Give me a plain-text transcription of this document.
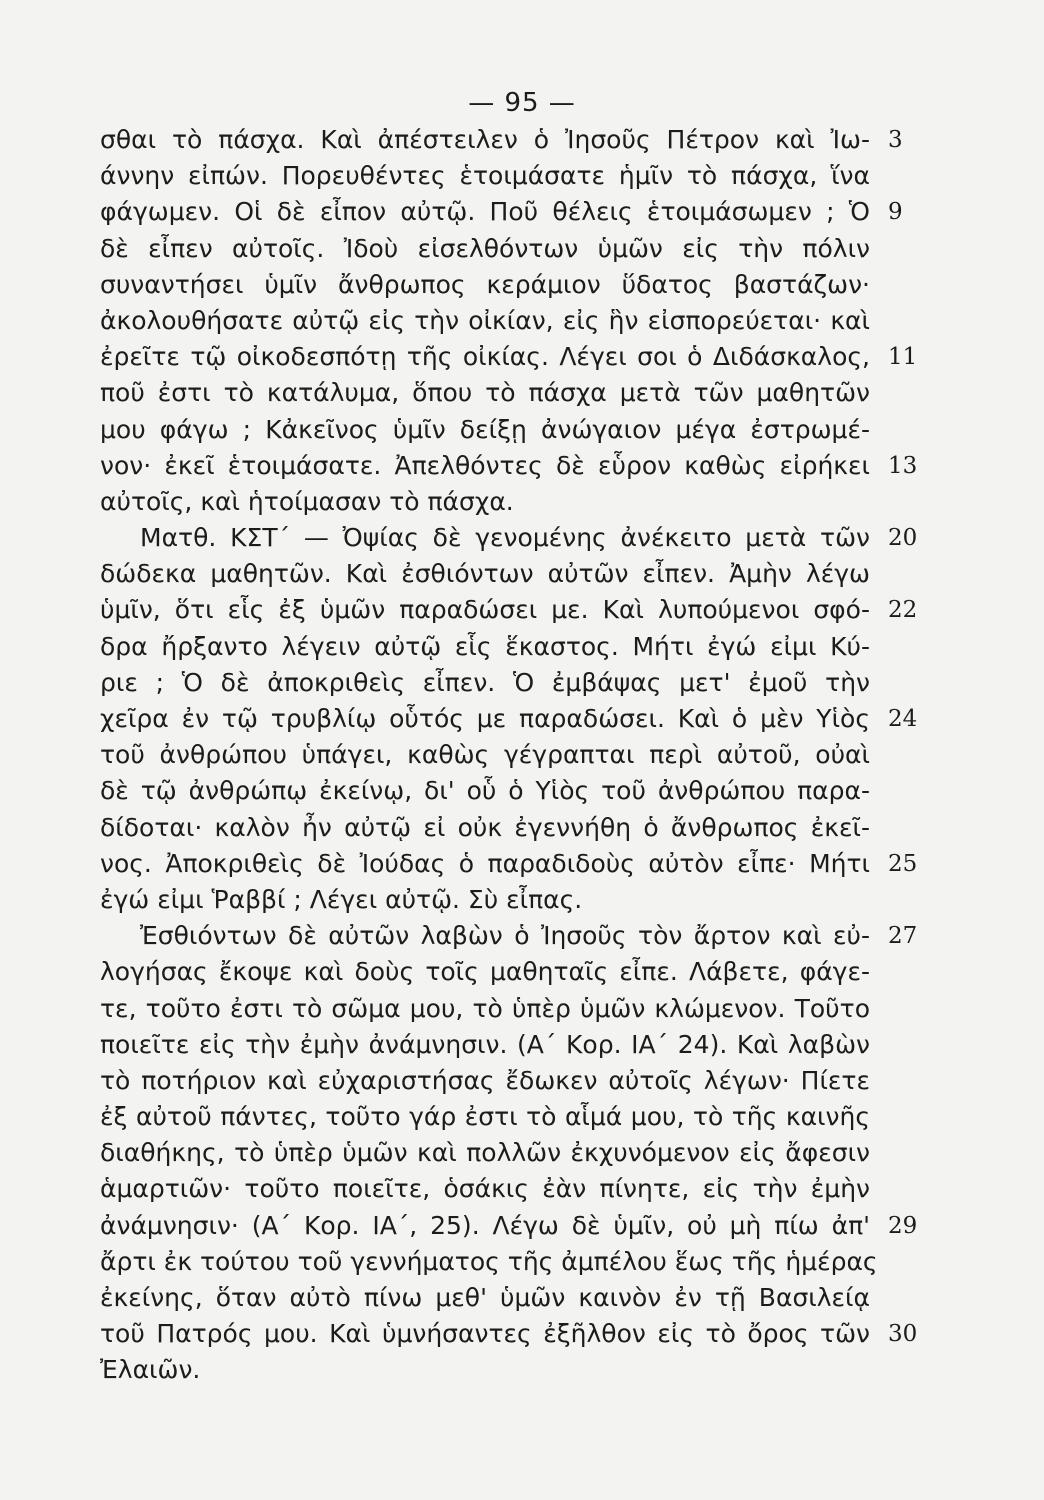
— 95 —
σθαι τὸ πάσχα. Καὶ ἀπέστειλεν ὁ Ἰησοῦς Πέτρον καὶ Ἰω- 3
άννην εἰπών. Πορευθέντες ἑτοιμάσατε ἡμῖν τὸ πάσχα, ἵνα
φάγωμεν. Οἱ δὲ εἶπον αὐτῷ. Ποῦ θέλεις ἑτοιμάσωμεν ; Ὁ 9
δὲ εἶπεν αὐτοῖς. Ἰδοὺ εἰσελθόντων ὑμῶν εἰς τὴν πόλιν
συναντήσει ὑμῖν ἄνθρωπος κεράμιον ὕδατος βαστάζων·
ἀκολουθήσατε αὐτῷ εἰς τὴν οἰκίαν, εἰς ἣν εἰσπορεύεται· καὶ
ἐρεῖτε τῷ οἰκοδεσπότῃ τῆς οἰκίας. Λέγει σοι ὁ Διδάσκαλος, 11
ποῦ ἐστι τὸ κατάλυμα, ὅπου τὸ πάσχα μετὰ τῶν μαθητῶν
μου φάγω ; Κἀκεῖνος ὑμῖν δείξῃ ἀνώγαιον μέγα ἐστρωμέ-
νον· ἐκεῖ ἑτοιμάσατε. Ἀπελθόντες δὲ εὗρον καθὼς εἰρήκει 13
αὐτοῖς, καὶ ἡτοίμασαν τὸ πάσχα.
Ματθ. ΚΣΤ΄ — Ὀψίας δὲ γενομένης ἀνέκειτο μετὰ τῶν 20
δώδεκα μαθητῶν. Καὶ ἐσθιόντων αὐτῶν εἶπεν. Ἀμὴν λέγω
ὑμῖν, ὅτι εἷς ἐξ ὑμῶν παραδώσει με. Καὶ λυπούμενοι σφό- 22
δρα ἤρξαντο λέγειν αὐτῷ εἷς ἕκαστος. Μήτι ἐγώ εἰμι Κύ-
ριε ; Ὁ δὲ ἀποκριθεὶς εἶπεν. Ὁ ἐμβάψας μετ' ἐμοῦ τὴν
χεῖρα ἐν τῷ τρυβλίῳ οὗτός με παραδώσει. Καὶ ὁ μὲν Υἱὸς 24
τοῦ ἀνθρώπου ὑπάγει, καθὼς γέγραπται περὶ αὐτοῦ, οὐαὶ
δὲ τῷ ἀνθρώπῳ ἐκείνῳ, δι' οὗ ὁ Υἱὸς τοῦ ἀνθρώπου παρα-
δίδοται· καλὸν ἦν αὐτῷ εἰ οὐκ ἐγεννήθη ὁ ἄνθρωπος ἐκεῖ-
νος. Ἀποκριθεὶς δὲ Ἰούδας ὁ παραδιδοὺς αὐτὸν εἶπε· Μήτι 25
ἐγώ εἰμι Ῥαββί ; Λέγει αὐτῷ. Σὺ εἶπας.
Ἐσθιόντων δὲ αὐτῶν λαβὼν ὁ Ἰησοῦς τὸν ἄρτον καὶ εὐ- 27
λογήσας ἔκοψε καὶ δοὺς τοῖς μαθηταῖς εἶπε. Λάβετε, φάγε-
τε, τοῦτο ἐστι τὸ σῶμα μου, τὸ ὑπὲρ ὑμῶν κλώμενον. Τοῦτο
ποιεῖτε εἰς τὴν ἐμὴν ἀνάμνησιν. (Α΄ Κορ. ΙΑ΄ 24). Καὶ λαβὼν
τὸ ποτήριον καὶ εὐχαριστήσας ἔδωκεν αὐτοῖς λέγων· Πίετε
ἐξ αὐτοῦ πάντες, τοῦτο γάρ ἐστι τὸ αἷμά μου, τὸ τῆς καινῆς
διαθήκης, τὸ ὑπὲρ ὑμῶν καὶ πολλῶν ἐκχυνόμενον εἰς ἄφεσιν
ἁμαρτιῶν· τοῦτο ποιεῖτε, ὁσάκις ἐὰν πίνητε, εἰς τὴν ἐμὴν
ἀνάμνησιν· (Α΄ Κορ. ΙΑ΄, 25). Λέγω δὲ ὑμῖν, οὐ μὴ πίω ἀπ' 29
ἄρτι ἐκ τούτου τοῦ γεννήματος τῆς ἀμπέλου ἕως τῆς ἡμέρας
ἐκείνης, ὅταν αὐτὸ πίνω μεθ' ὑμῶν καινὸν ἐν τῇ Βασιλείᾳ
τοῦ Πατρός μου. Καὶ ὑμνήσαντες ἐξῆλθον εἰς τὸ ὄρος τῶν 30
Ἐλαιῶν.
